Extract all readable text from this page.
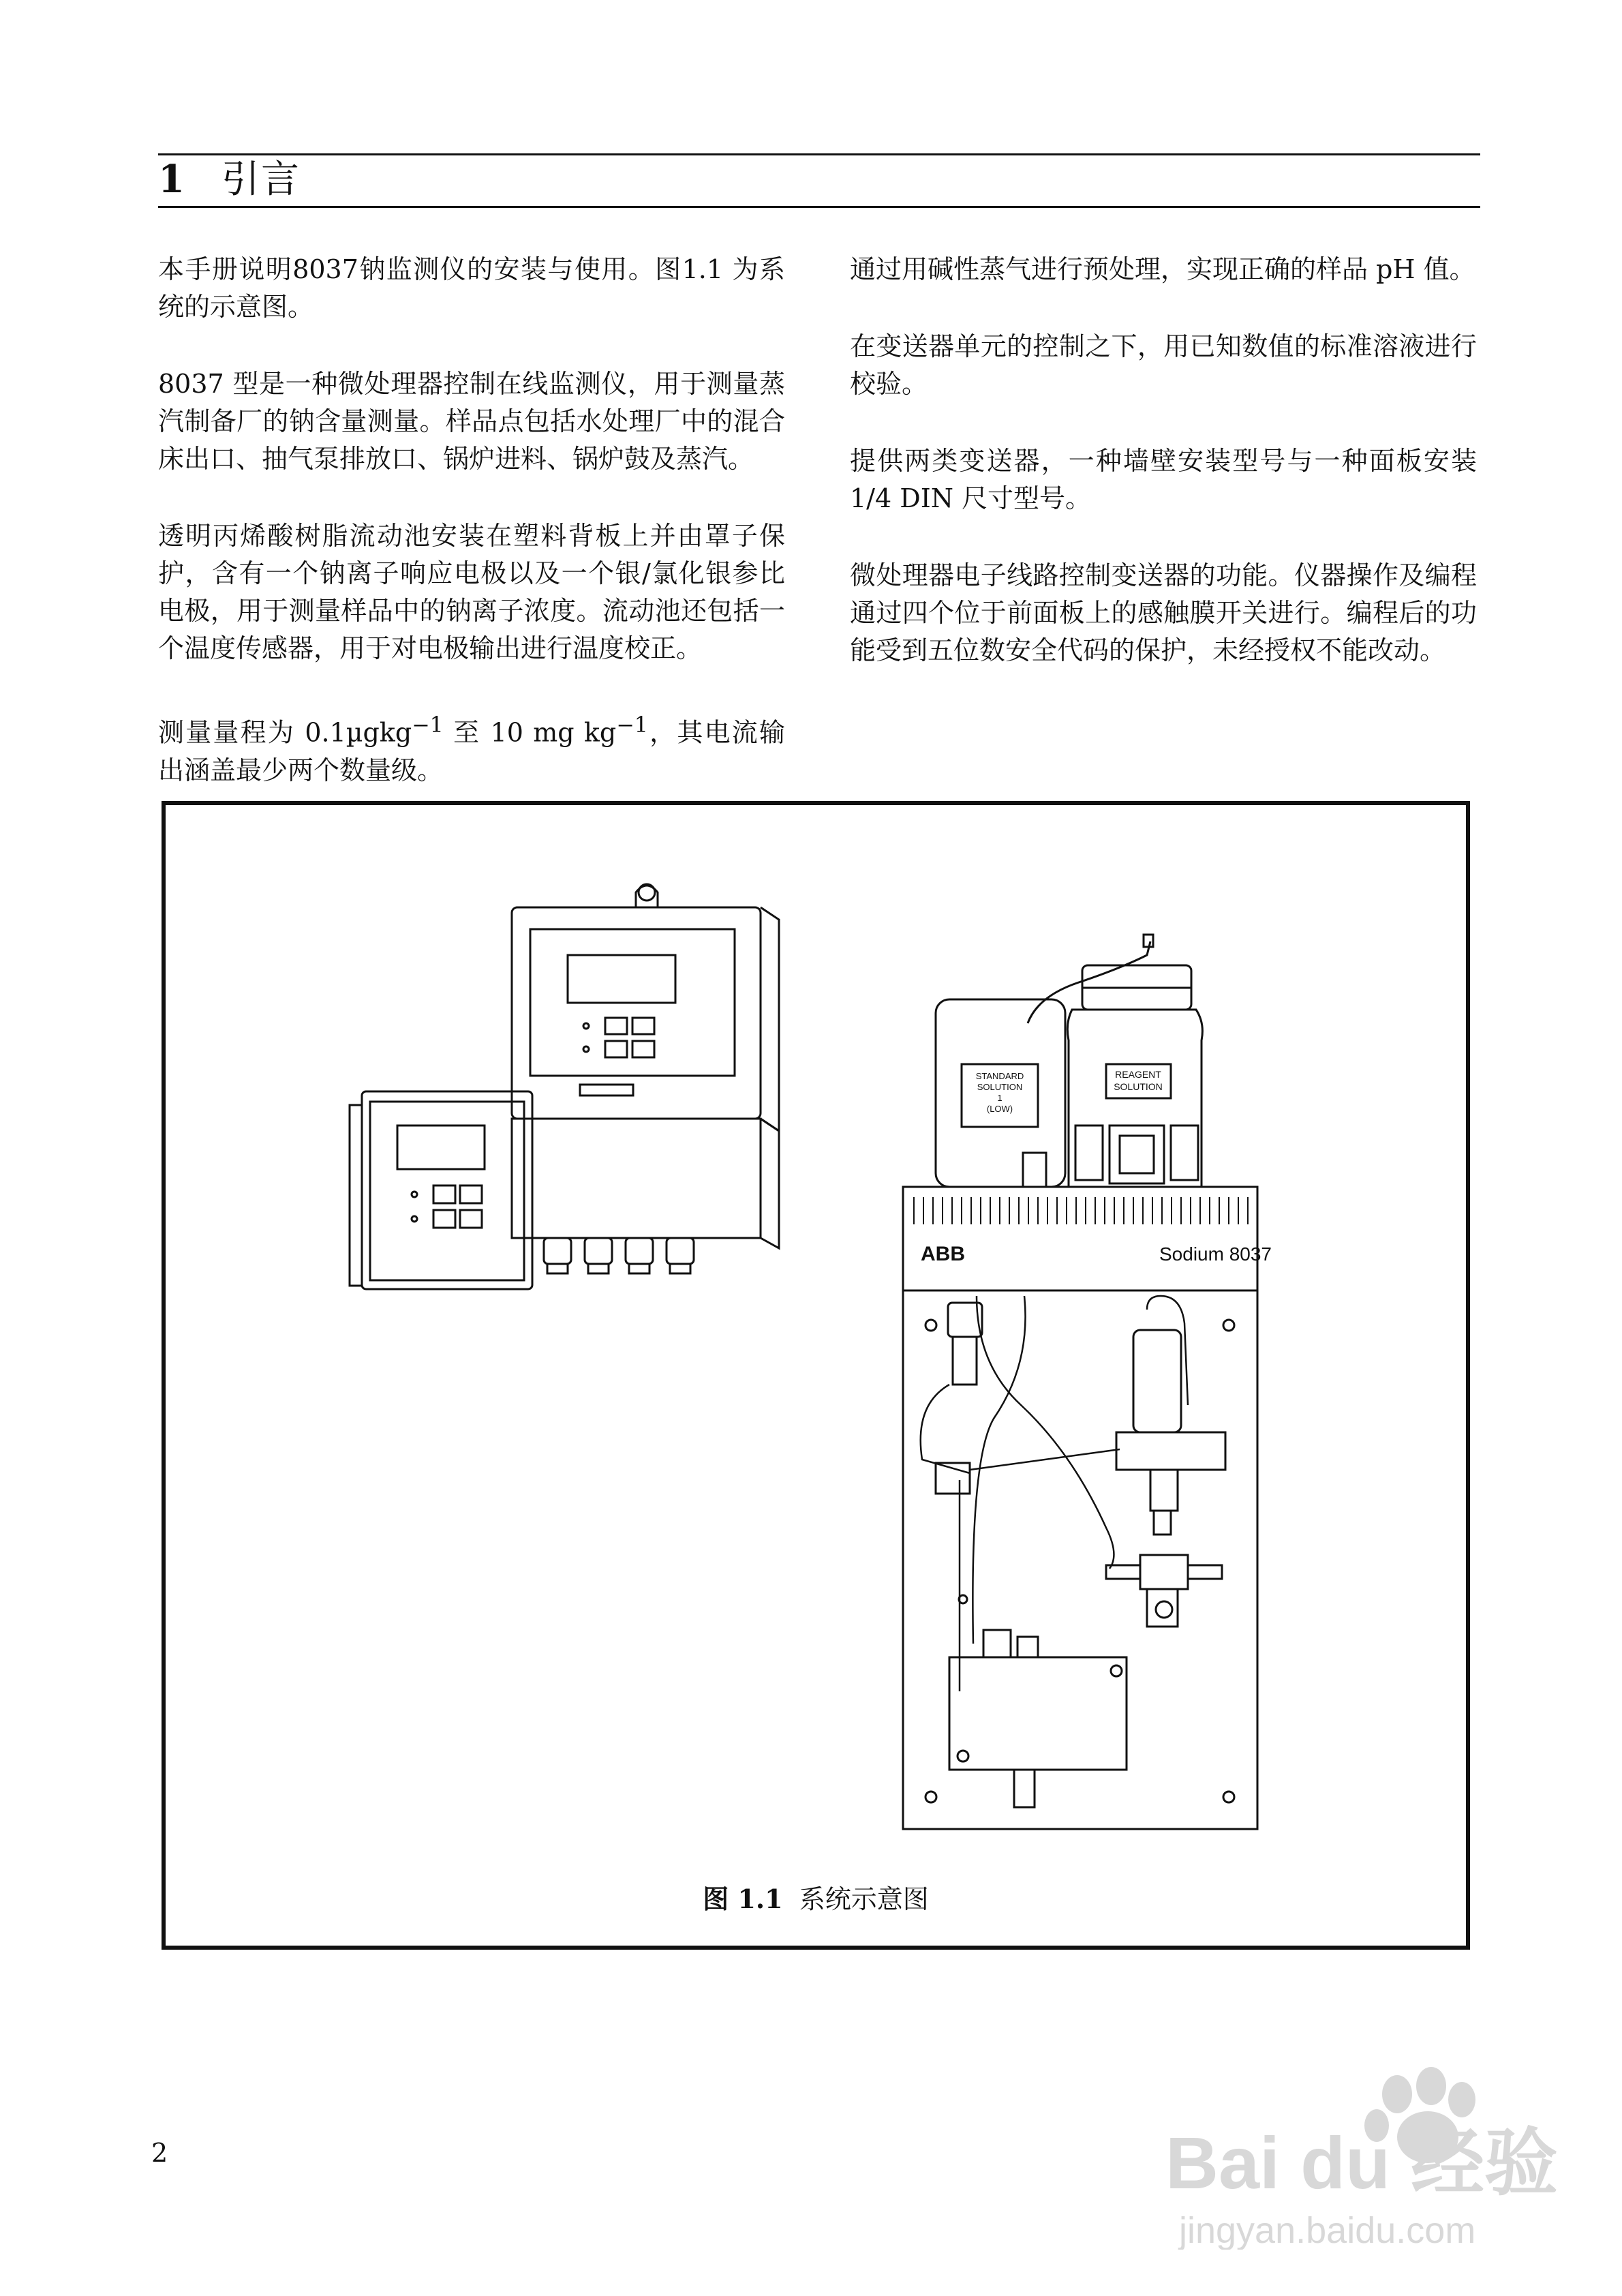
1 引言

本手册说明8037钠监测仪的安装与使用。图1.1 为系统的示意图。

8037 型是一种微处理器控制在线监测仪，用于测量蒸汽制备厂的钠含量测量。样品点包括水处理厂中的混合床出口、抽气泵排放口、锅炉进料、锅炉鼓及蒸汽。

透明丙烯酸树脂流动池安装在塑料背板上并由罩子保护，含有一个钠离子响应电极以及一个银/氯化银参比电极，用于测量样品中的钠离子浓度。流动池还包括一个温度传感器，用于对电极输出进行温度校正。

测量量程为 0.1µgkg$^{-1}$ 至 10 mg $kg^{-1}$，其电流输出涵盖最少两个数量级。

通过用碱性蒸气进行预处理，实现正确的样品 pH 值。

在变送器单元的控制之下，用已知数值的标准溶液进行校验。

提供两类变送器，一种墙壁安装型号与一种面板安装 1/4 DIN 尺寸型号。

微处理器电子线路控制变送器的功能。仪器操作及编程通过四个位于前面板上的感触膜开关进行。编程后的功能受到五位数安全代码的保护，未经授权不能改动。

STANDARD
SOLUTION
1
(LOW)
REAGENT
SOLUTION
ABB	Sodium 8037
图 1.1 系统示意图
2	Bai du 经验
jingyan.baidu.com
